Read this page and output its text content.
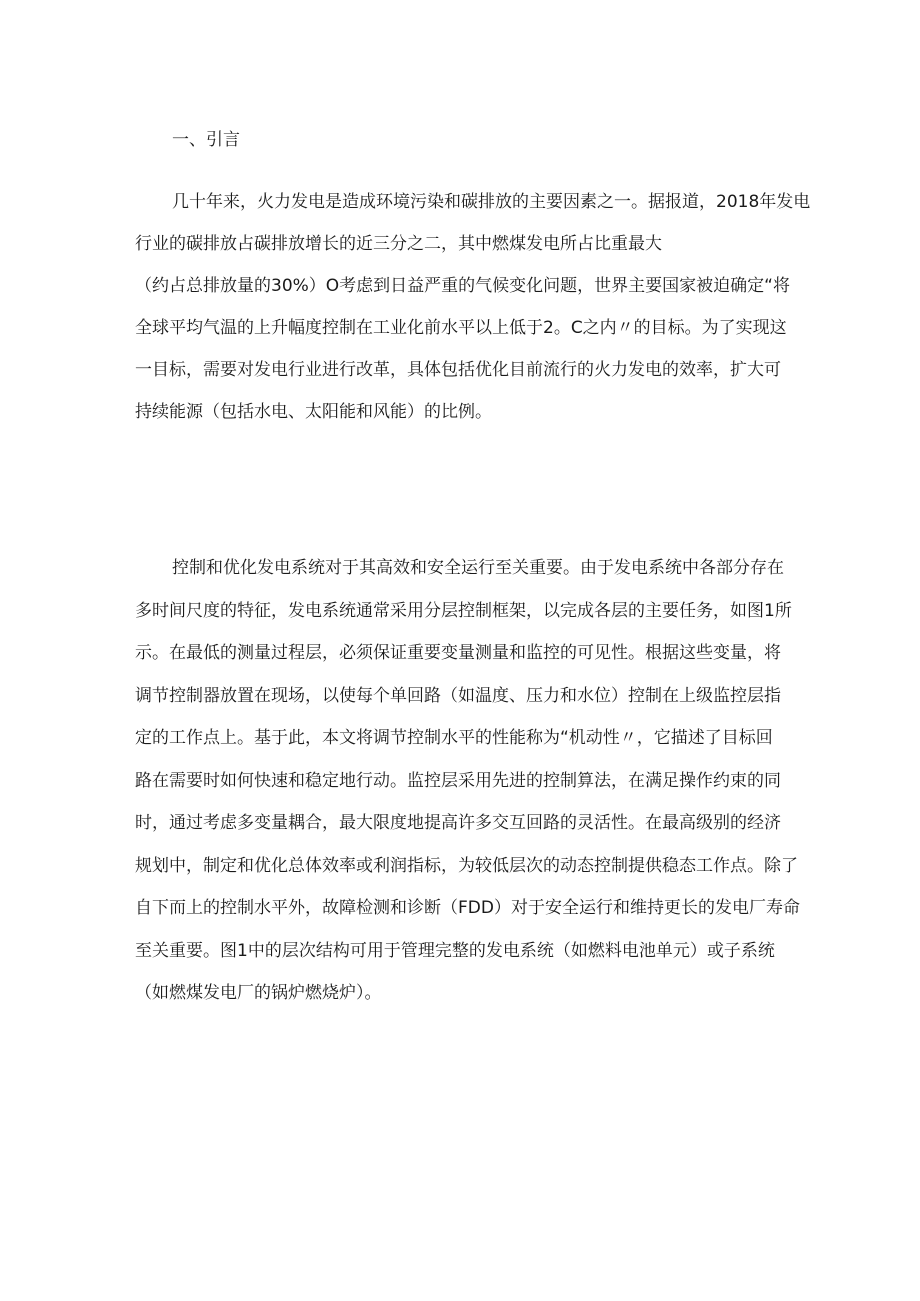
一、引言
几十年来，火力发电是造成环境污染和碳排放的主要因素之一。据报道，2018年发电
行业的碳排放占碳排放增长的近三分之二，其中燃煤发电所占比重最大
（约占总排放量的30%）O考虑到日益严重的气候变化问题，世界主要国家被迫确定“将
全球平均气温的上升幅度控制在工业化前水平以上低于2。C之内〃的目标。为了实现这
一目标，需要对发电行业进行改革，具体包括优化目前流行的火力发电的效率，扩大可
持续能源（包括水电、太阳能和风能）的比例。
控制和优化发电系统对于其高效和安全运行至关重要。由于发电系统中各部分存在
多时间尺度的特征，发电系统通常采用分层控制框架，以完成各层的主要任务，如图1所
示。在最低的测量过程层，必须保证重要变量测量和监控的可见性。根据这些变量，将
调节控制器放置在现场，以使每个单回路（如温度、压力和水位）控制在上级监控层指
定的工作点上。基于此，本文将调节控制水平的性能称为“机动性〃，它描述了目标回
路在需要时如何快速和稳定地行动。监控层采用先进的控制算法，在满足操作约束的同
时，通过考虑多变量耦合，最大限度地提高许多交互回路的灵活性。在最高级别的经济
规划中，制定和优化总体效率或利润指标，为较低层次的动态控制提供稳态工作点。除了
自下而上的控制水平外，故障检测和诊断（FDD）对于安全运行和维持更长的发电厂寿命
至关重要。图1中的层次结构可用于管理完整的发电系统（如燃料电池单元）或子系统
（如燃煤发电厂的锅炉燃烧炉）。
